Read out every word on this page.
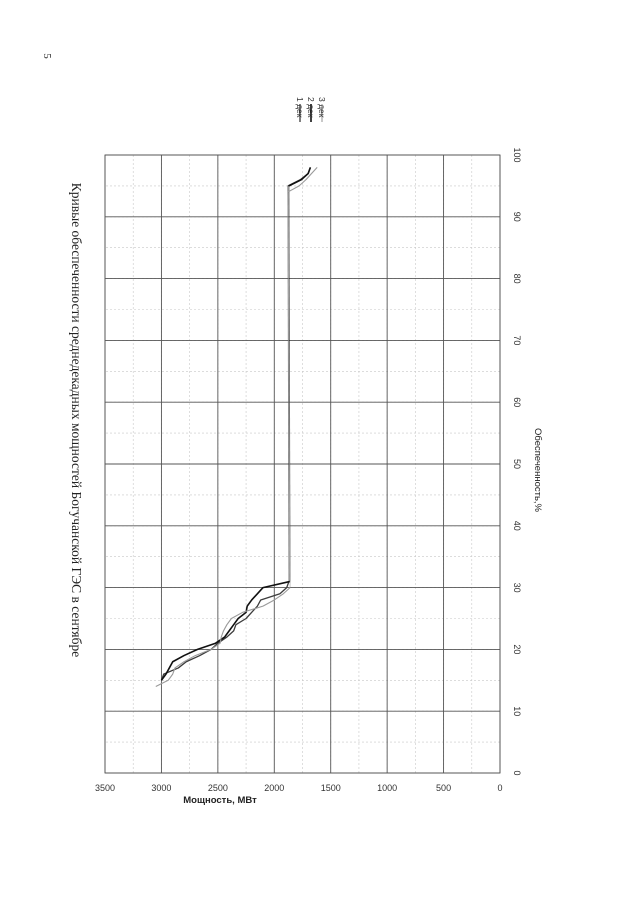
5
Кривые обеспеченности среднедекадных мощностей Богучанской ГЭС в сентябре
0
10
20
30
40
50
60
70
80
90
100
0
500
1000
1500
2000
2500
3000
3500
Обеспеченность,%
Мощность, МВт
1 дек 2 дек 3 дек
